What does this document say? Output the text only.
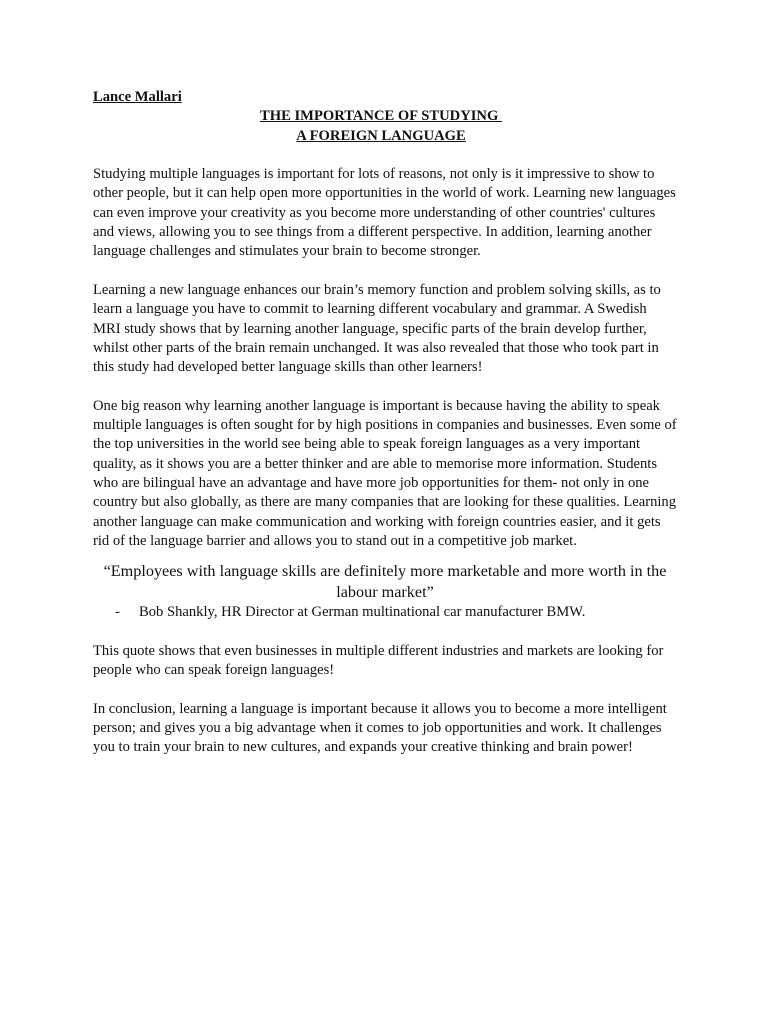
Lance Mallari

THE IMPORTANCE OF STUDYING
A FOREIGN LANGUAGE

Studying multiple languages is important for lots of reasons, not only is it impressive to show to other people, but it can help open more opportunities in the world of work. Learning new languages can even improve your creativity as you become more understanding of other countries' cultures and views, allowing you to see things from a different perspective. In addition, learning another language challenges and stimulates your brain to become stronger.

Learning a new language enhances our brain’s memory function and problem solving skills, as to learn a language you have to commit to learning different vocabulary and grammar. A Swedish MRI study shows that by learning another language, specific parts of the brain develop further, whilst other parts of the brain remain unchanged. It was also revealed that those who took part in this study had developed better language skills than other learners!

One big reason why learning another language is important is because having the ability to speak multiple languages is often sought for by high positions in companies and businesses. Even some of the top universities in the world see being able to speak foreign languages as a very important quality, as it shows you are a better thinker and are able to memorise more information. Students who are bilingual have an advantage and have more job opportunities for them- not only in one country but also globally, as there are many companies that are looking for these qualities. Learning another language can make communication and working with foreign countries easier, and it gets rid of the language barrier and allows you to stand out in a competitive job market.

“Employees with language skills are definitely more marketable and more worth in the labour market”

-	Bob Shankly, HR Director at German multinational car manufacturer BMW.

This quote shows that even businesses in multiple different industries and markets are looking for people who can speak foreign languages!

In conclusion, learning a language is important because it allows you to become a more intelligent person; and gives you a big advantage when it comes to job opportunities and work. It challenges you to train your brain to new cultures, and expands your creative thinking and brain power!
